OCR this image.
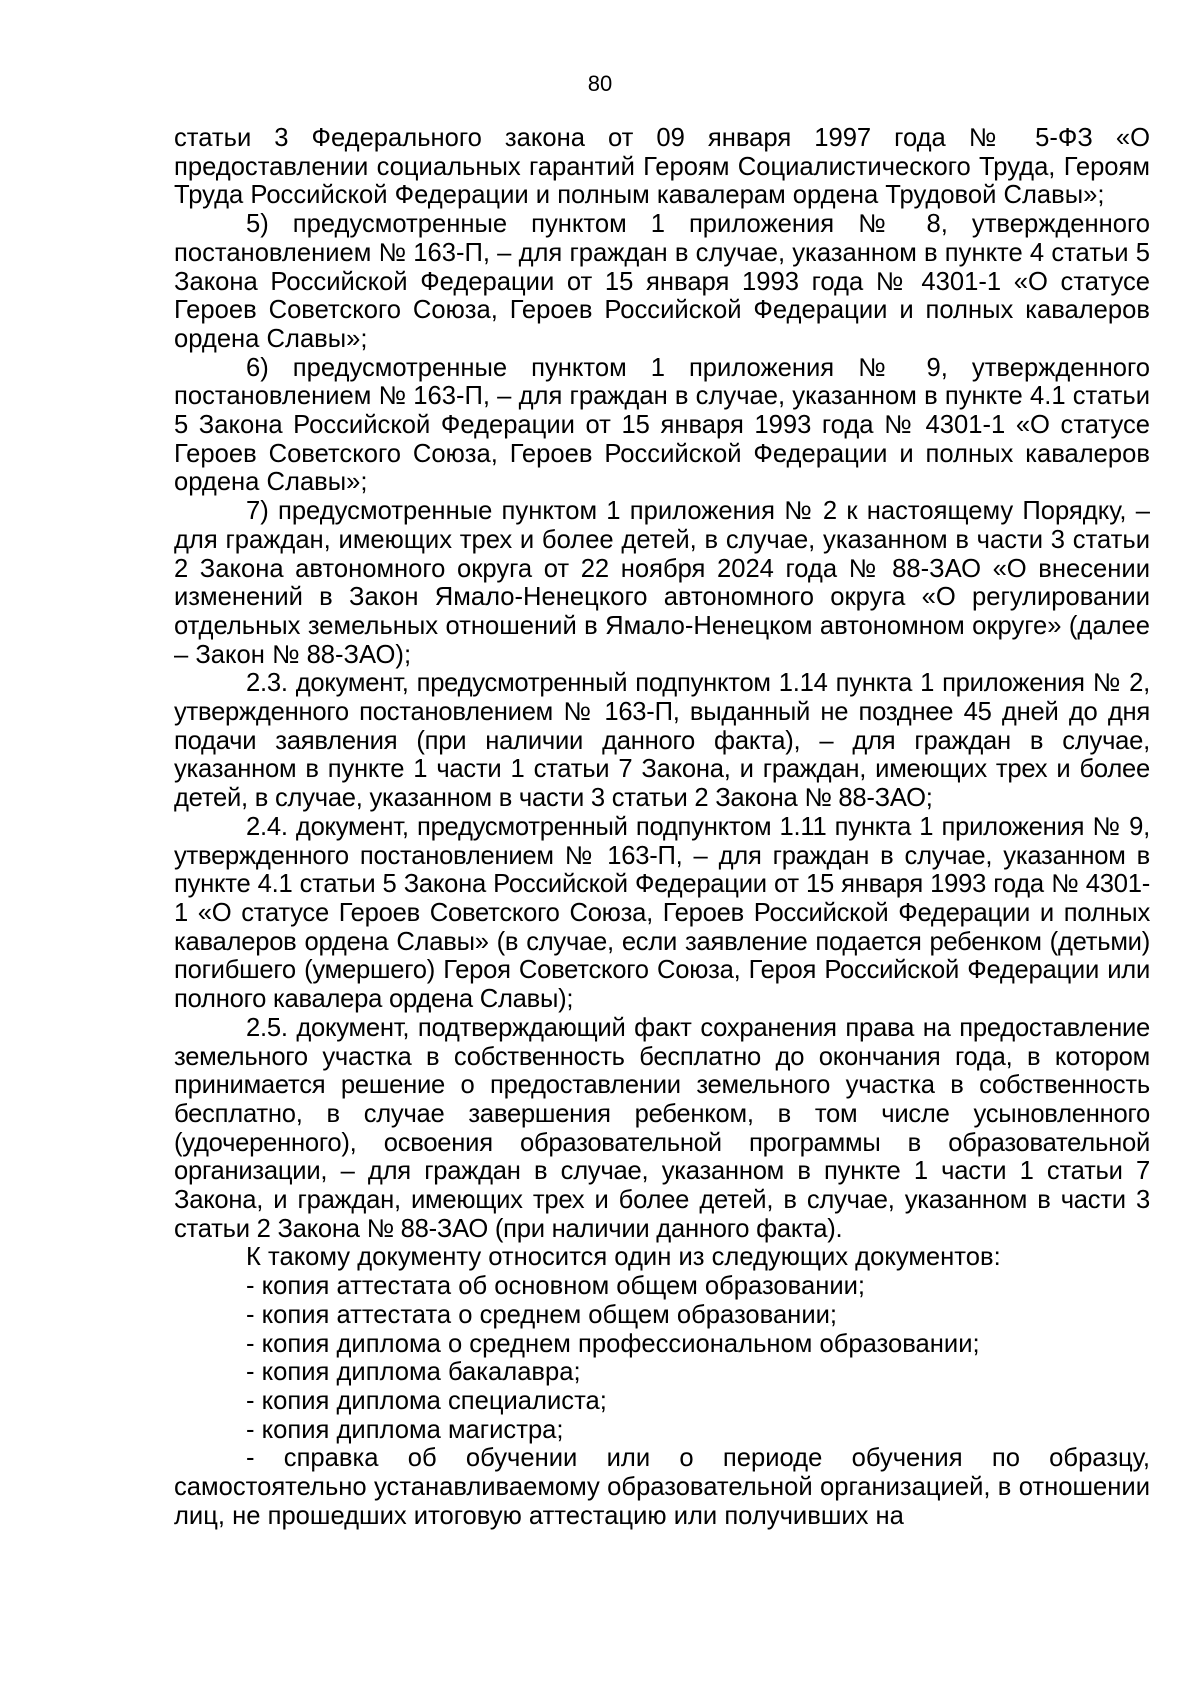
80

статьи 3 Федерального закона от 09 января 1997 года № 5-ФЗ «О предоставлении социальных гарантий Героям Социалистического Труда, Героям Труда Российской Федерации и полным кавалерам ордена Трудовой Славы»;

5) предусмотренные пунктом 1 приложения № 8, утвержденного постановлением № 163-П, – для граждан в случае, указанном в пункте 4 статьи 5 Закона Российской Федерации от 15 января 1993 года № 4301-1 «О статусе Героев Советского Союза, Героев Российской Федерации и полных кавалеров ордена Славы»;

6) предусмотренные пунктом 1 приложения № 9, утвержденного постановлением № 163-П, – для граждан в случае, указанном в пункте 4.1 статьи 5 Закона Российской Федерации от 15 января 1993 года № 4301-1 «О статусе Героев Советского Союза, Героев Российской Федерации и полных кавалеров ордена Славы»;

7) предусмотренные пунктом 1 приложения № 2 к настоящему Порядку, – для граждан, имеющих трех и более детей, в случае, указанном в части 3 статьи 2 Закона автономного округа от 22 ноября 2024 года № 88-ЗАО «О внесении изменений в Закон Ямало-Ненецкого автономного округа «О регулировании отдельных земельных отношений в Ямало-Ненецком автономном округе» (далее – Закон № 88-ЗАО);

2.3. документ, предусмотренный подпунктом 1.14 пункта 1 приложения № 2, утвержденного постановлением № 163-П, выданный не позднее 45 дней до дня подачи заявления (при наличии данного факта), – для граждан в случае, указанном в пункте 1 части 1 статьи 7 Закона, и граждан, имеющих трех и более детей, в случае, указанном в части 3 статьи 2 Закона № 88-ЗАО;

2.4. документ, предусмотренный подпунктом 1.11 пункта 1 приложения № 9, утвержденного постановлением № 163-П, – для граждан в случае, указанном в пункте 4.1 статьи 5 Закона Российской Федерации от 15 января 1993 года № 4301-1 «О статусе Героев Советского Союза, Героев Российской Федерации и полных кавалеров ордена Славы» (в случае, если заявление подается ребенком (детьми) погибшего (умершего) Героя Советского Союза, Героя Российской Федерации или полного кавалера ордена Славы);

2.5. документ, подтверждающий факт сохранения права на предоставление земельного участка в собственность бесплатно до окончания года, в котором принимается решение о предоставлении земельного участка в собственность бесплатно, в случае завершения ребенком, в том числе усыновленного (удочеренного), освоения образовательной программы в образовательной организации, – для граждан в случае, указанном в пункте 1 части 1 статьи 7 Закона, и граждан, имеющих трех и более детей, в случае, указанном в части 3 статьи 2 Закона № 88-ЗАО (при наличии данного факта).

К такому документу относится один из следующих документов:

- копия аттестата об основном общем образовании;

- копия аттестата о среднем общем образовании;

- копия диплома о среднем профессиональном образовании;

- копия диплома бакалавра;

- копия диплома специалиста;

- копия диплома магистра;

- справка об обучении или о периоде обучения по образцу, самостоятельно устанавливаемому образовательной организацией, в отношении лиц, не прошедших итоговую аттестацию или получивших на
